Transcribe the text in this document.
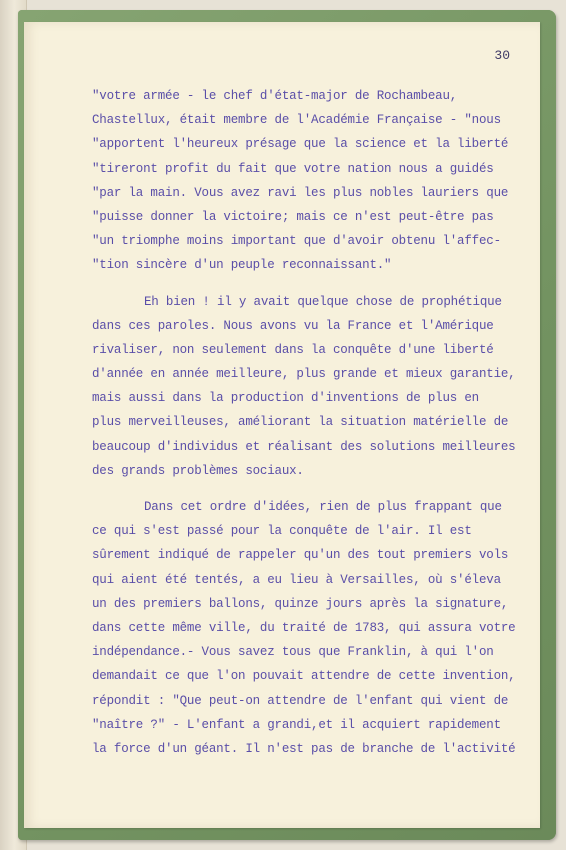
30
"votre armée - le chef d'état-major de Rochambeau,
Chastellux, était membre de l'Académie Française - "nous
"apportent l'heureux présage que la science et la liberté
"tireront profit du fait que votre nation nous a guidés
"par la main. Vous avez ravi les plus nobles lauriers que
"puisse donner la victoire; mais ce n'est peut-être pas
"un triomphe moins important que d'avoir obtenu l'affec-
"tion sincère d'un peuple reconnaissant."
Eh bien ! il y avait quelque chose de prophétique
dans ces paroles. Nous avons vu la France et l'Amérique
rivaliser, non seulement dans la conquête d'une liberté
d'année en année meilleure, plus grande et mieux garantie,
mais aussi dans la production d'inventions de plus en
plus merveilleuses, améliorant la situation matérielle de
beaucoup d'individus et réalisant des solutions meilleures
des grands problèmes sociaux.
Dans cet ordre d'idées, rien de plus frappant que
ce qui s'est passé pour la conquête de l'air. Il est
sûrement indiqué de rappeler qu'un des tout premiers vols
qui aient été tentés, a eu lieu à Versailles, où s'éleva
un des premiers ballons, quinze jours après la signature,
dans cette même ville, du traité de 1783, qui assura votre
indépendance.- Vous savez tous que Franklin, à qui l'on
demandait ce que l'on pouvait attendre de cette invention,
répondit : "Que peut-on attendre de l'enfant qui vient de
"naître ?" - L'enfant a grandi,et il acquiert rapidement
la force d'un géant. Il n'est pas de branche de l'activité
